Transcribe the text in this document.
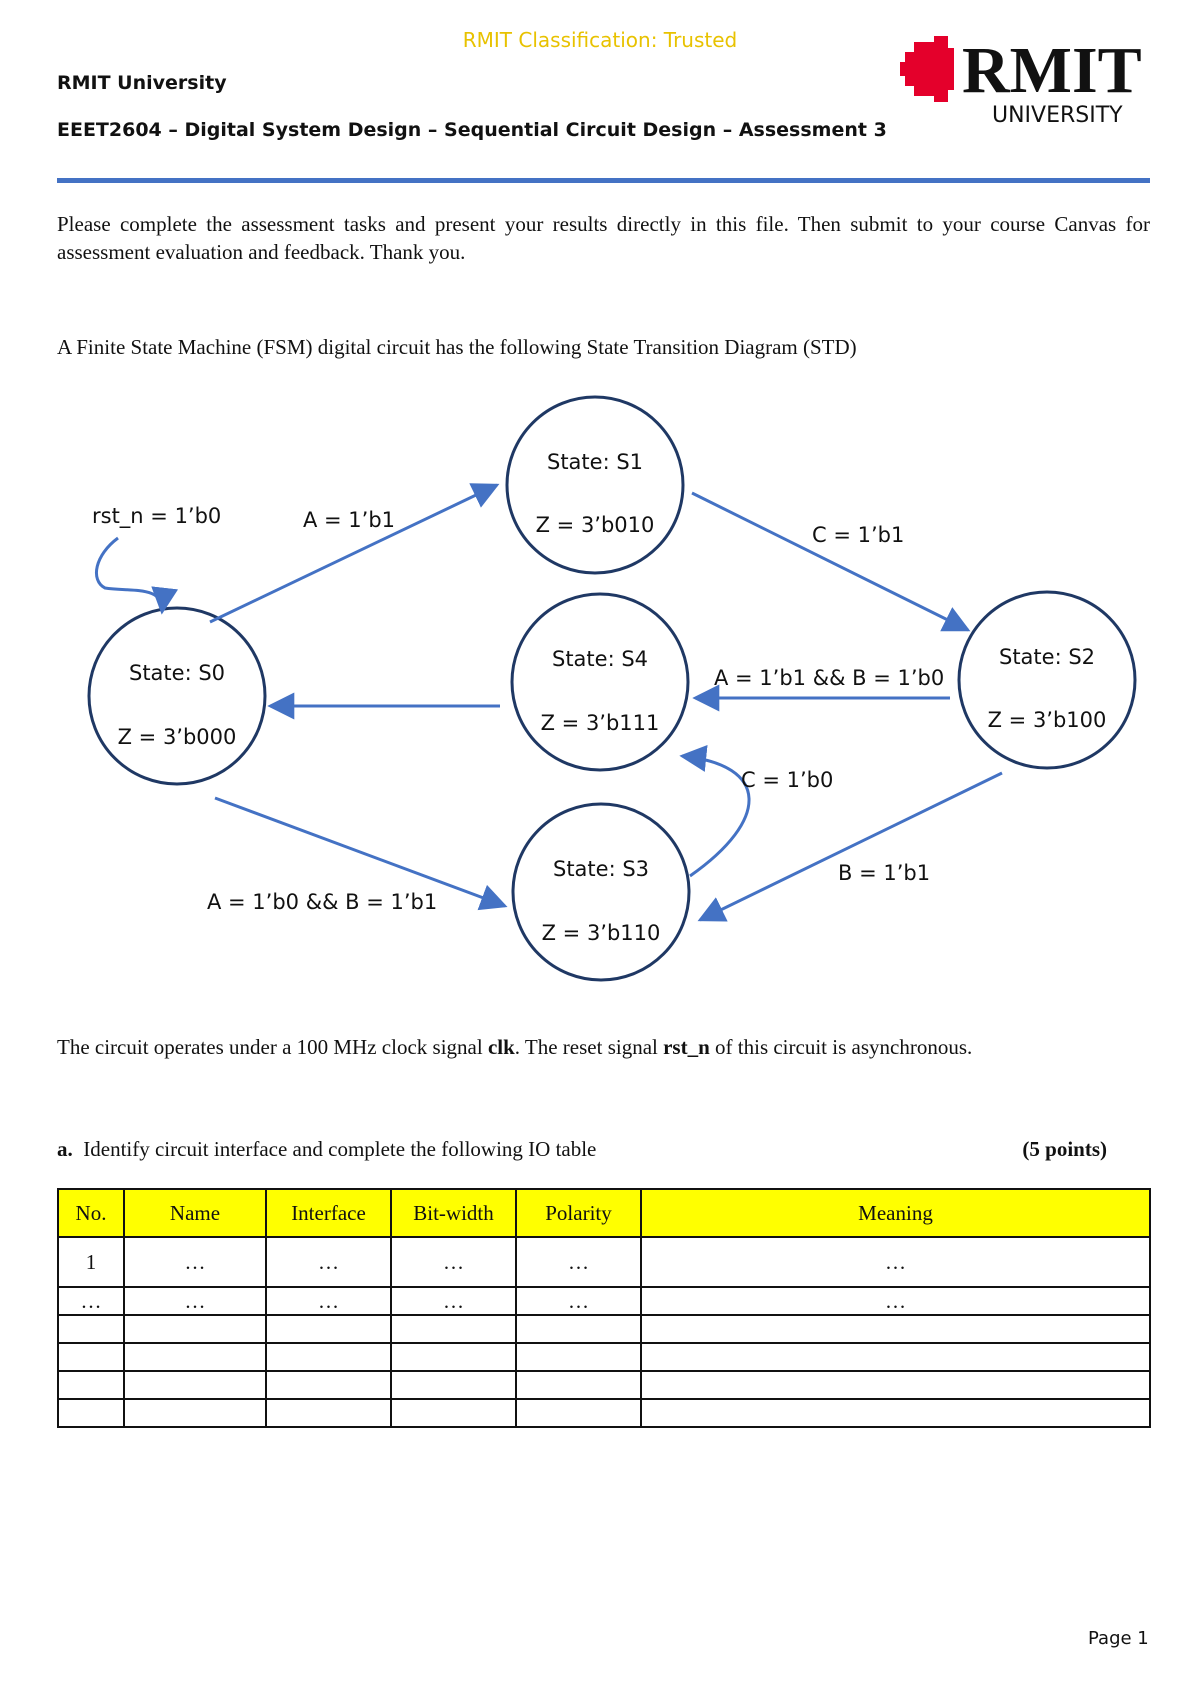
RMIT Classification: Trusted
RMIT University
EEET2604 – Digital System Design – Sequential Circuit Design – Assessment 3
RMIT
UNIVERSITY
Please complete the assessment tasks and present your results directly in this file. Then submit to your course Canvas for assessment evaluation and feedback. Thank you.
A Finite State Machine (FSM) digital circuit has the following State Transition Diagram (STD)
State: S0
Z = 3’b000
State: S1
Z = 3’b010
State: S2
Z = 3’b100
State: S3
Z = 3’b110
State: S4
Z = 3’b111
rst_n = 1’b0	A = 1’b1
C = 1’b1
A = 1’b1 && B = 1’b0
A = 1’b0 && B = 1’b1
B = 1’b1
C = 1’b0
The circuit operates under a 100 MHz clock signal clk. The reset signal rst_n of this circuit is asynchronous.
a. Identify circuit interface and complete the following IO table	(5 points)
No.	Name	Interface	Bit-width	Polarity	Meaning
1	…	…	…	…	…
…	…	…	…	…	…

Page 1
